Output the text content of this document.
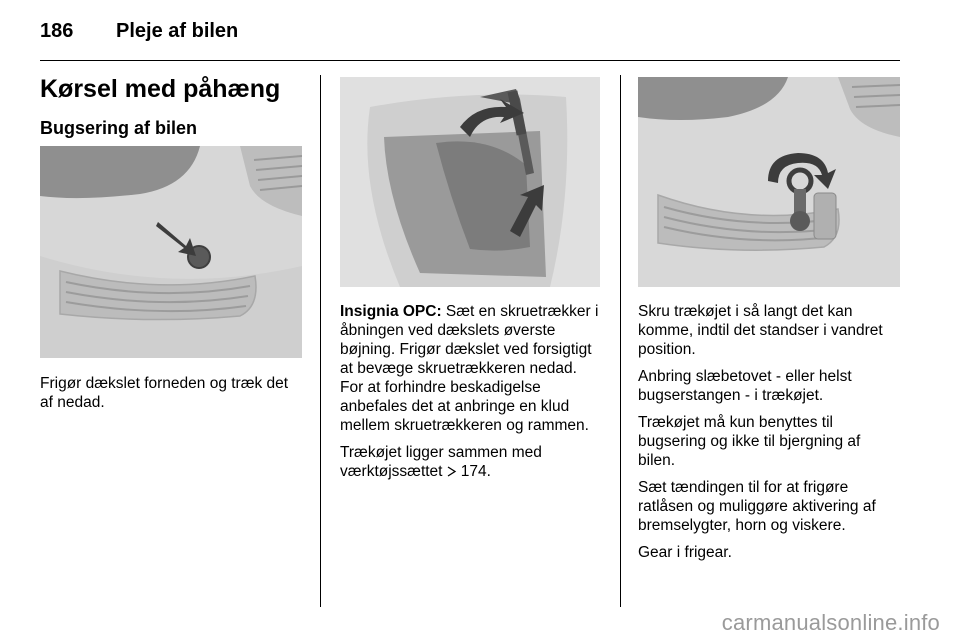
186 Pleje af bilen
Kørsel med påhæng
Bugsering af bilen

Frigør dækslet forneden og træk det af nedad.

Insignia OPC: Sæt en skruetrækker i åbningen ved dækslets øverste bøjning. Frigør dækslet ved forsigtigt at bevæge skruetrækkeren nedad. For at forhindre beskadigelse anbefales det at anbringe en klud mellem skruetrækkeren og rammen.

Trækøjet ligger sammen med værktøjssættet 174.

Skru trækøjet i så langt det kan komme, indtil det standser i vandret position.

Anbring slæbetovet - eller helst bugserstangen - i trækøjet.

Trækøjet må kun benyttes til bugsering og ikke til bjergning af bilen.

Sæt tændingen til for at frigøre ratlåsen og muliggøre aktivering af bremselygter, horn og viskere.

Gear i frigear.

carmanualsonline.info
